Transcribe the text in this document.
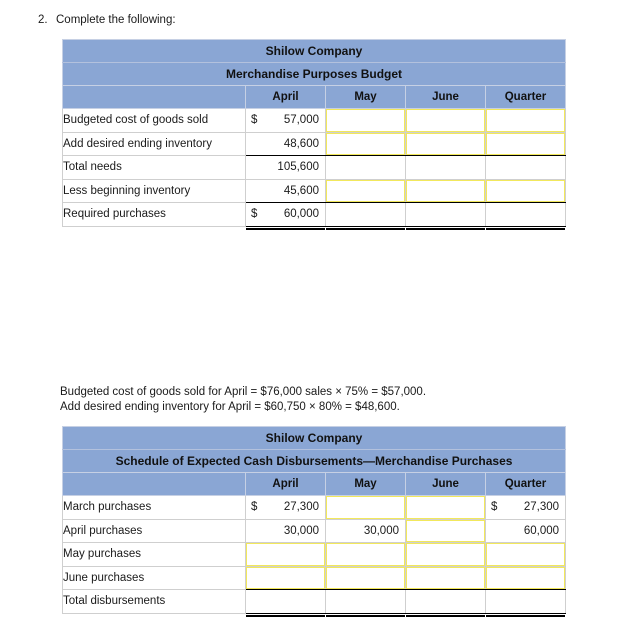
2. Complete the following:
Shilow Company				
Merchandise Purposes Budget				
	April	May	June	Quarter
Budgeted cost of goods sold	$ 57,000			

Add desired ending inventory	48,600			

Total needs	105,600			

Less beginning inventory	45,600			

Required purchases	$ 60,000			

Budgeted cost of goods sold for April = $76,000 sales × 75% = $57,000.
Add desired ending inventory for April = $60,750 × 80% = $48,600.
Shilow Company				
Schedule of Expected Cash Disbursements—Merchandise Purchases				
	April	May	June	Quarter
March purchases	$ 27,300			$ 27,300

April purchases	30,000	30,000		60,000

May purchases	

June purchases	

Total disbursements				
